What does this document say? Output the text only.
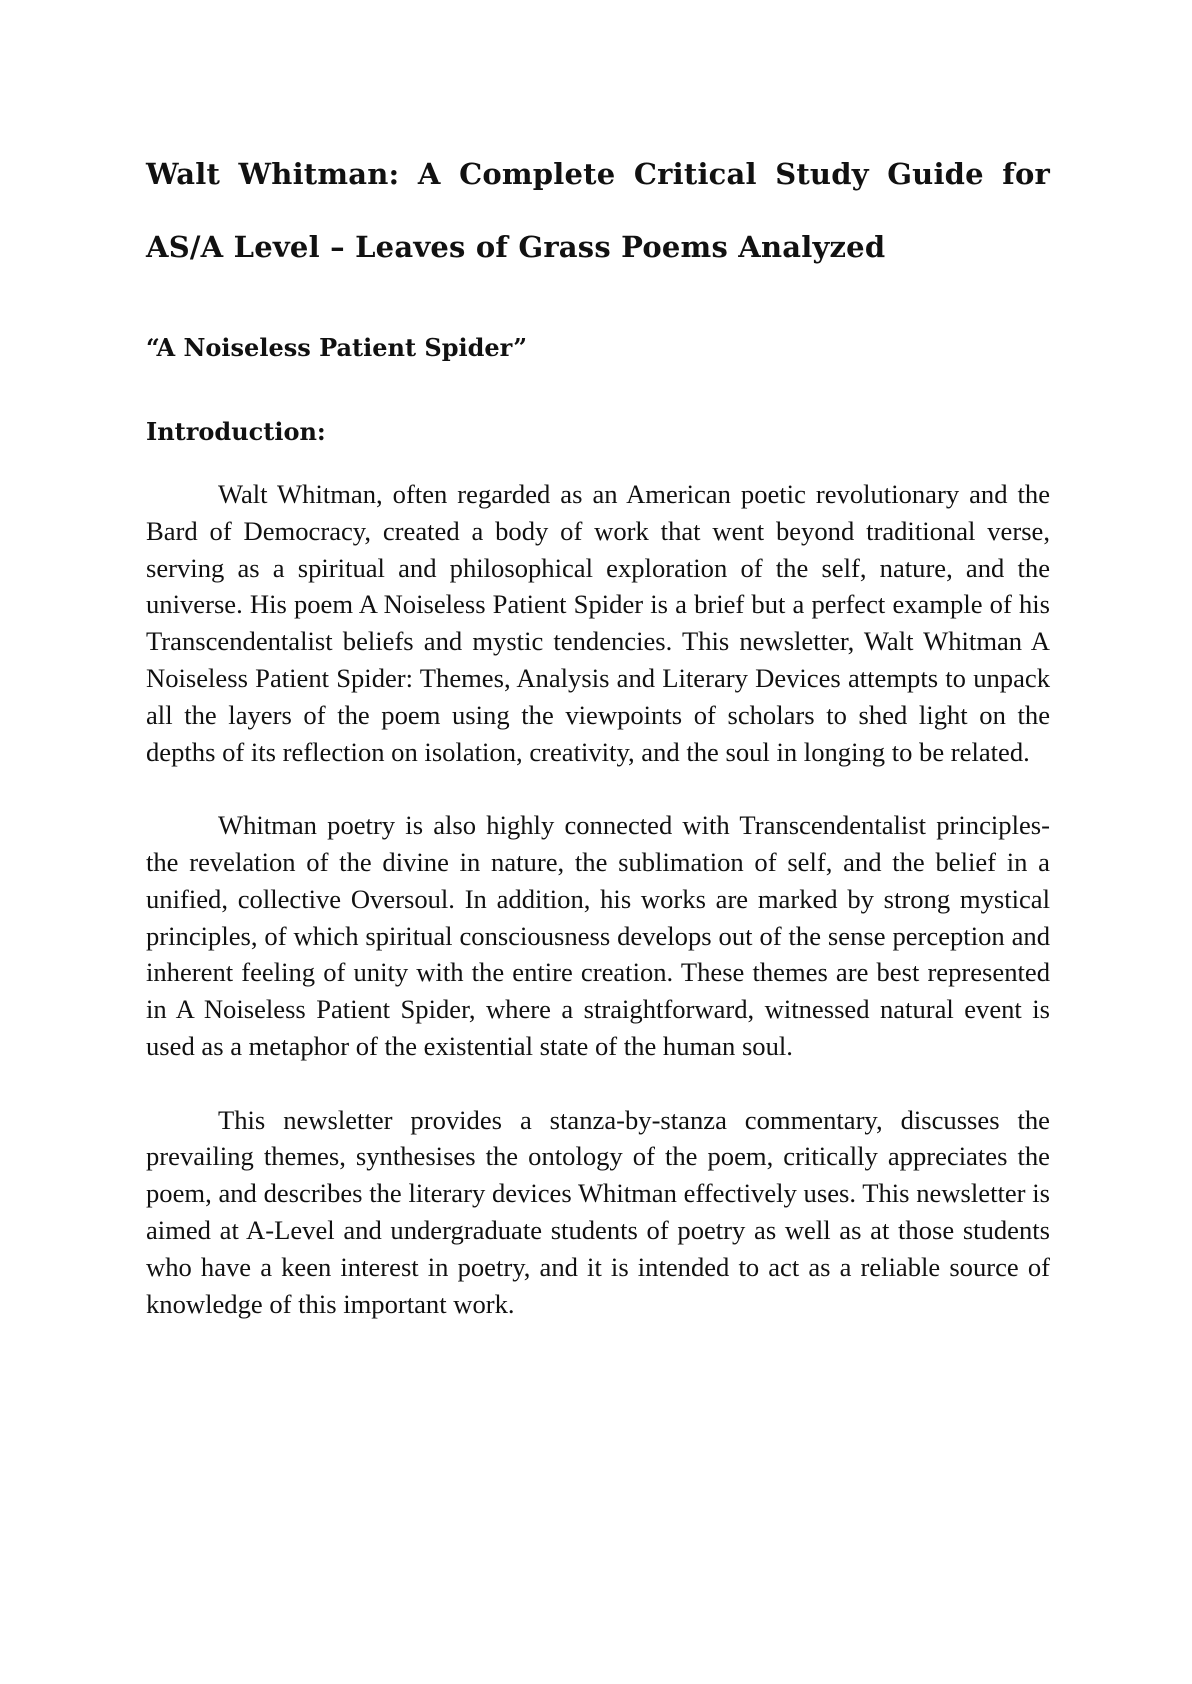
Walt Whitman: A Complete Critical Study Guide for AS/A Level – Leaves of Grass Poems Analyzed
“A Noiseless Patient Spider”
Introduction:

Walt Whitman, often regarded as an American poetic revolutionary and the Bard of Democracy, created a body of work that went beyond traditional verse, serving as a spiritual and philosophical exploration of the self, nature, and the universe. His poem A Noiseless Patient Spider is a brief but a perfect example of his Transcendentalist beliefs and mystic tendencies. This newsletter, Walt Whitman A Noiseless Patient Spider: Themes, Analysis and Literary Devices attempts to unpack all the layers of the poem using the viewpoints of scholars to shed light on the depths of its reflection on isolation, creativity, and the soul in longing to be related.

Whitman poetry is also highly connected with Transcendentalist principles- the revelation of the divine in nature, the sublimation of self, and the belief in a unified, collective Oversoul. In addition, his works are marked by strong mystical principles, of which spiritual consciousness develops out of the sense perception and inherent feeling of unity with the entire creation. These themes are best represented in A Noiseless Patient Spider, where a straightforward, witnessed natural event is used as a metaphor of the existential state of the human soul.

This newsletter provides a stanza-by-stanza commentary, discusses the prevailing themes, synthesises the ontology of the poem, critically appreciates the poem, and describes the literary devices Whitman effectively uses. This newsletter is aimed at A-Level and undergraduate students of poetry as well as at those students who have a keen interest in poetry, and it is intended to act as a reliable source of knowledge of this important work.
